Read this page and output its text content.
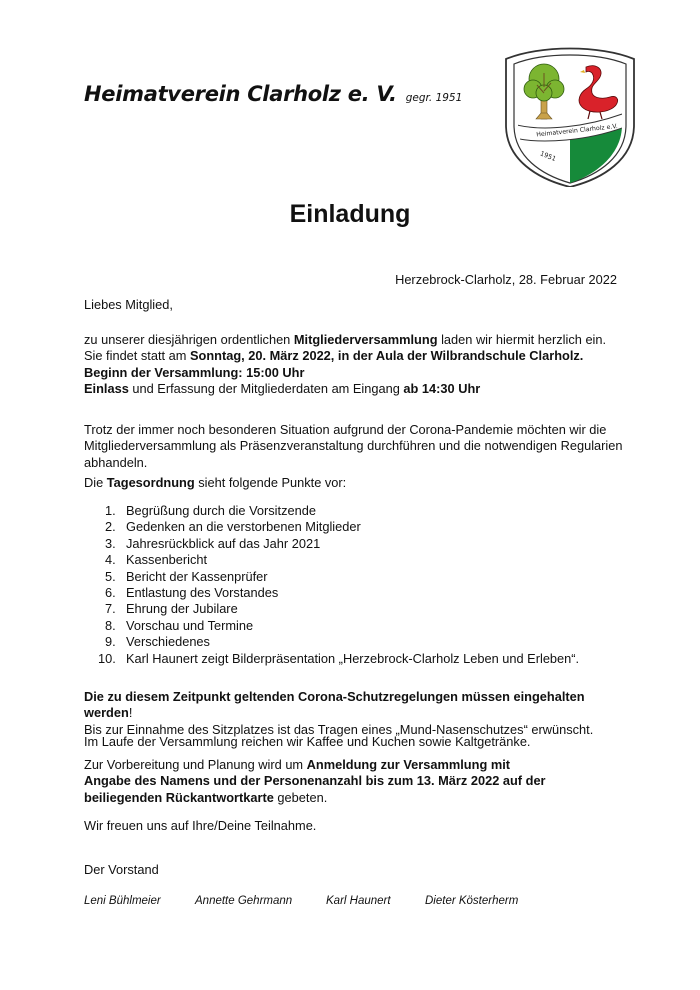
Heimatverein Clarholz e. V. gegr. 1951
Heimatverein Clarholz e.V.
1951
Einladung
Herzebrock-Clarholz, 28. Februar 2022
Liebes Mitglied,

zu unserer diesjährigen ordentlichen Mitgliederversammlung laden wir hiermit herzlich ein.

Sie findet statt am Sonntag, 20. März 2022, in der Aula der Wilbrandschule Clarholz.

Beginn der Versammlung: 15:00 Uhr

Einlass und Erfassung der Mitgliederdaten am Eingang ab 14:30 Uhr

Trotz der immer noch besonderen Situation aufgrund der Corona-Pandemie möchten wir die Mitgliederversammlung als Präsenzveranstaltung durchführen und die notwendigen Regularien abhandeln.
Die Tagesordnung sieht folgende Punkte vor:
1. Begrüßung durch die Vorsitzende
2. Gedenken an die verstorbenen Mitglieder
3. Jahresrückblick auf das Jahr 2021
4. Kassenbericht
5. Bericht der Kassenprüfer
6. Entlastung des Vorstandes
7. Ehrung der Jubilare
8. Vorschau und Termine
9. Verschiedenes
10. Karl Haunert zeigt Bilderpräsentation „Herzebrock-Clarholz Leben und Erleben“.

Die zu diesem Zeitpunkt geltenden Corona-Schutzregelungen müssen eingehalten werden!

Bis zur Einnahme des Sitzplatzes ist das Tragen eines „Mund-Nasenschutzes“ erwünscht.

Im Laufe der Versammlung reichen wir Kaffee und Kuchen sowie Kaltgetränke.
Zur Vorbereitung und Planung wird um Anmeldung zur Versammlung mit Angabe des Namens und der Personenanzahl bis zum 13. März 2022 auf der beiliegenden Rückantwortkarte gebeten.
Wir freuen uns auf Ihre/Deine Teilnahme.
Der Vorstand
Leni Bühlmeier	Annette Gehrmann	Karl Haunert	Dieter Kösterherm
